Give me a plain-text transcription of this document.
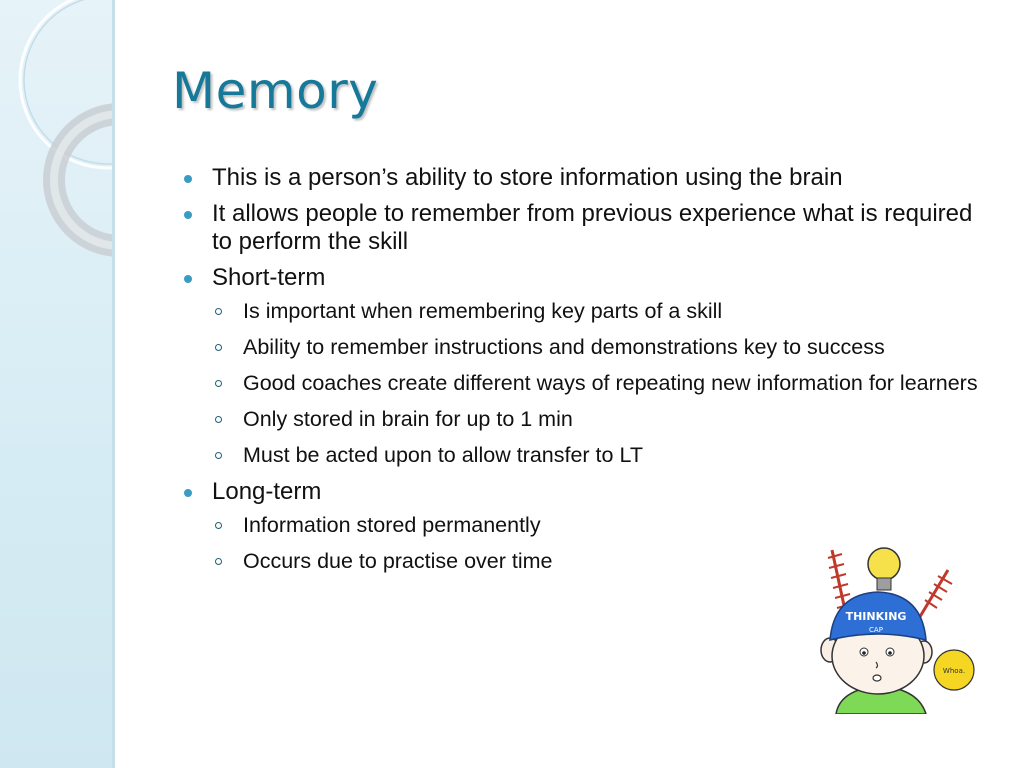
Memory
This is a person’s ability to store information using the brain
It allows people to remember from previous experience what is required to perform the skill
Short-term
Is important when remembering key parts of a skill
Ability to remember instructions and demonstrations key to success
Good coaches create different ways of repeating new information for learners
Only stored in brain for up to 1 min
Must be acted upon to allow transfer to LT
Long-term
Information stored permanently
Occurs due to practise over time
THINKING
CAP
Whoa.
